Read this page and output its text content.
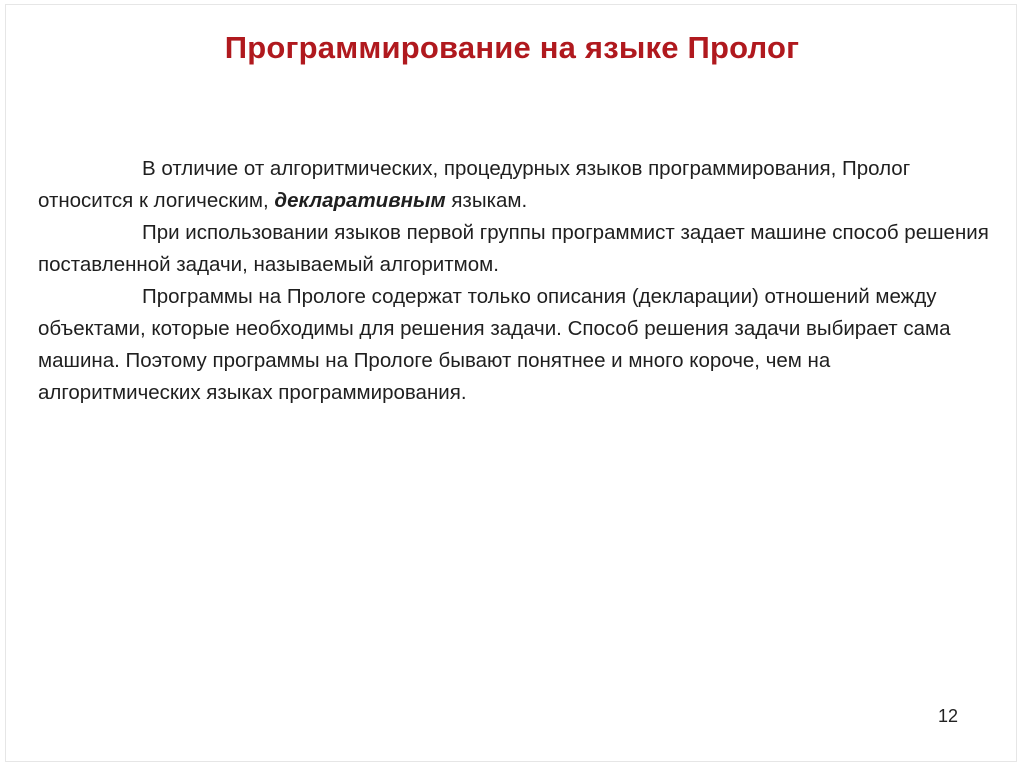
Программирование на языке Пролог

В отличие от алгоритмических, процедурных языков программирования, Пролог относится к логическим, декларативным языкам.

При использовании языков первой группы программист задает машине способ решения поставленной задачи, называемый алгоритмом.

Программы на Прологе содержат только описания (декларации) отношений между объектами, которые необходимы для решения задачи. Способ решения задачи выбирает сама машина. Поэтому программы на Прологе бывают понятнее и много короче, чем на алгоритмических языках программирования.

12
